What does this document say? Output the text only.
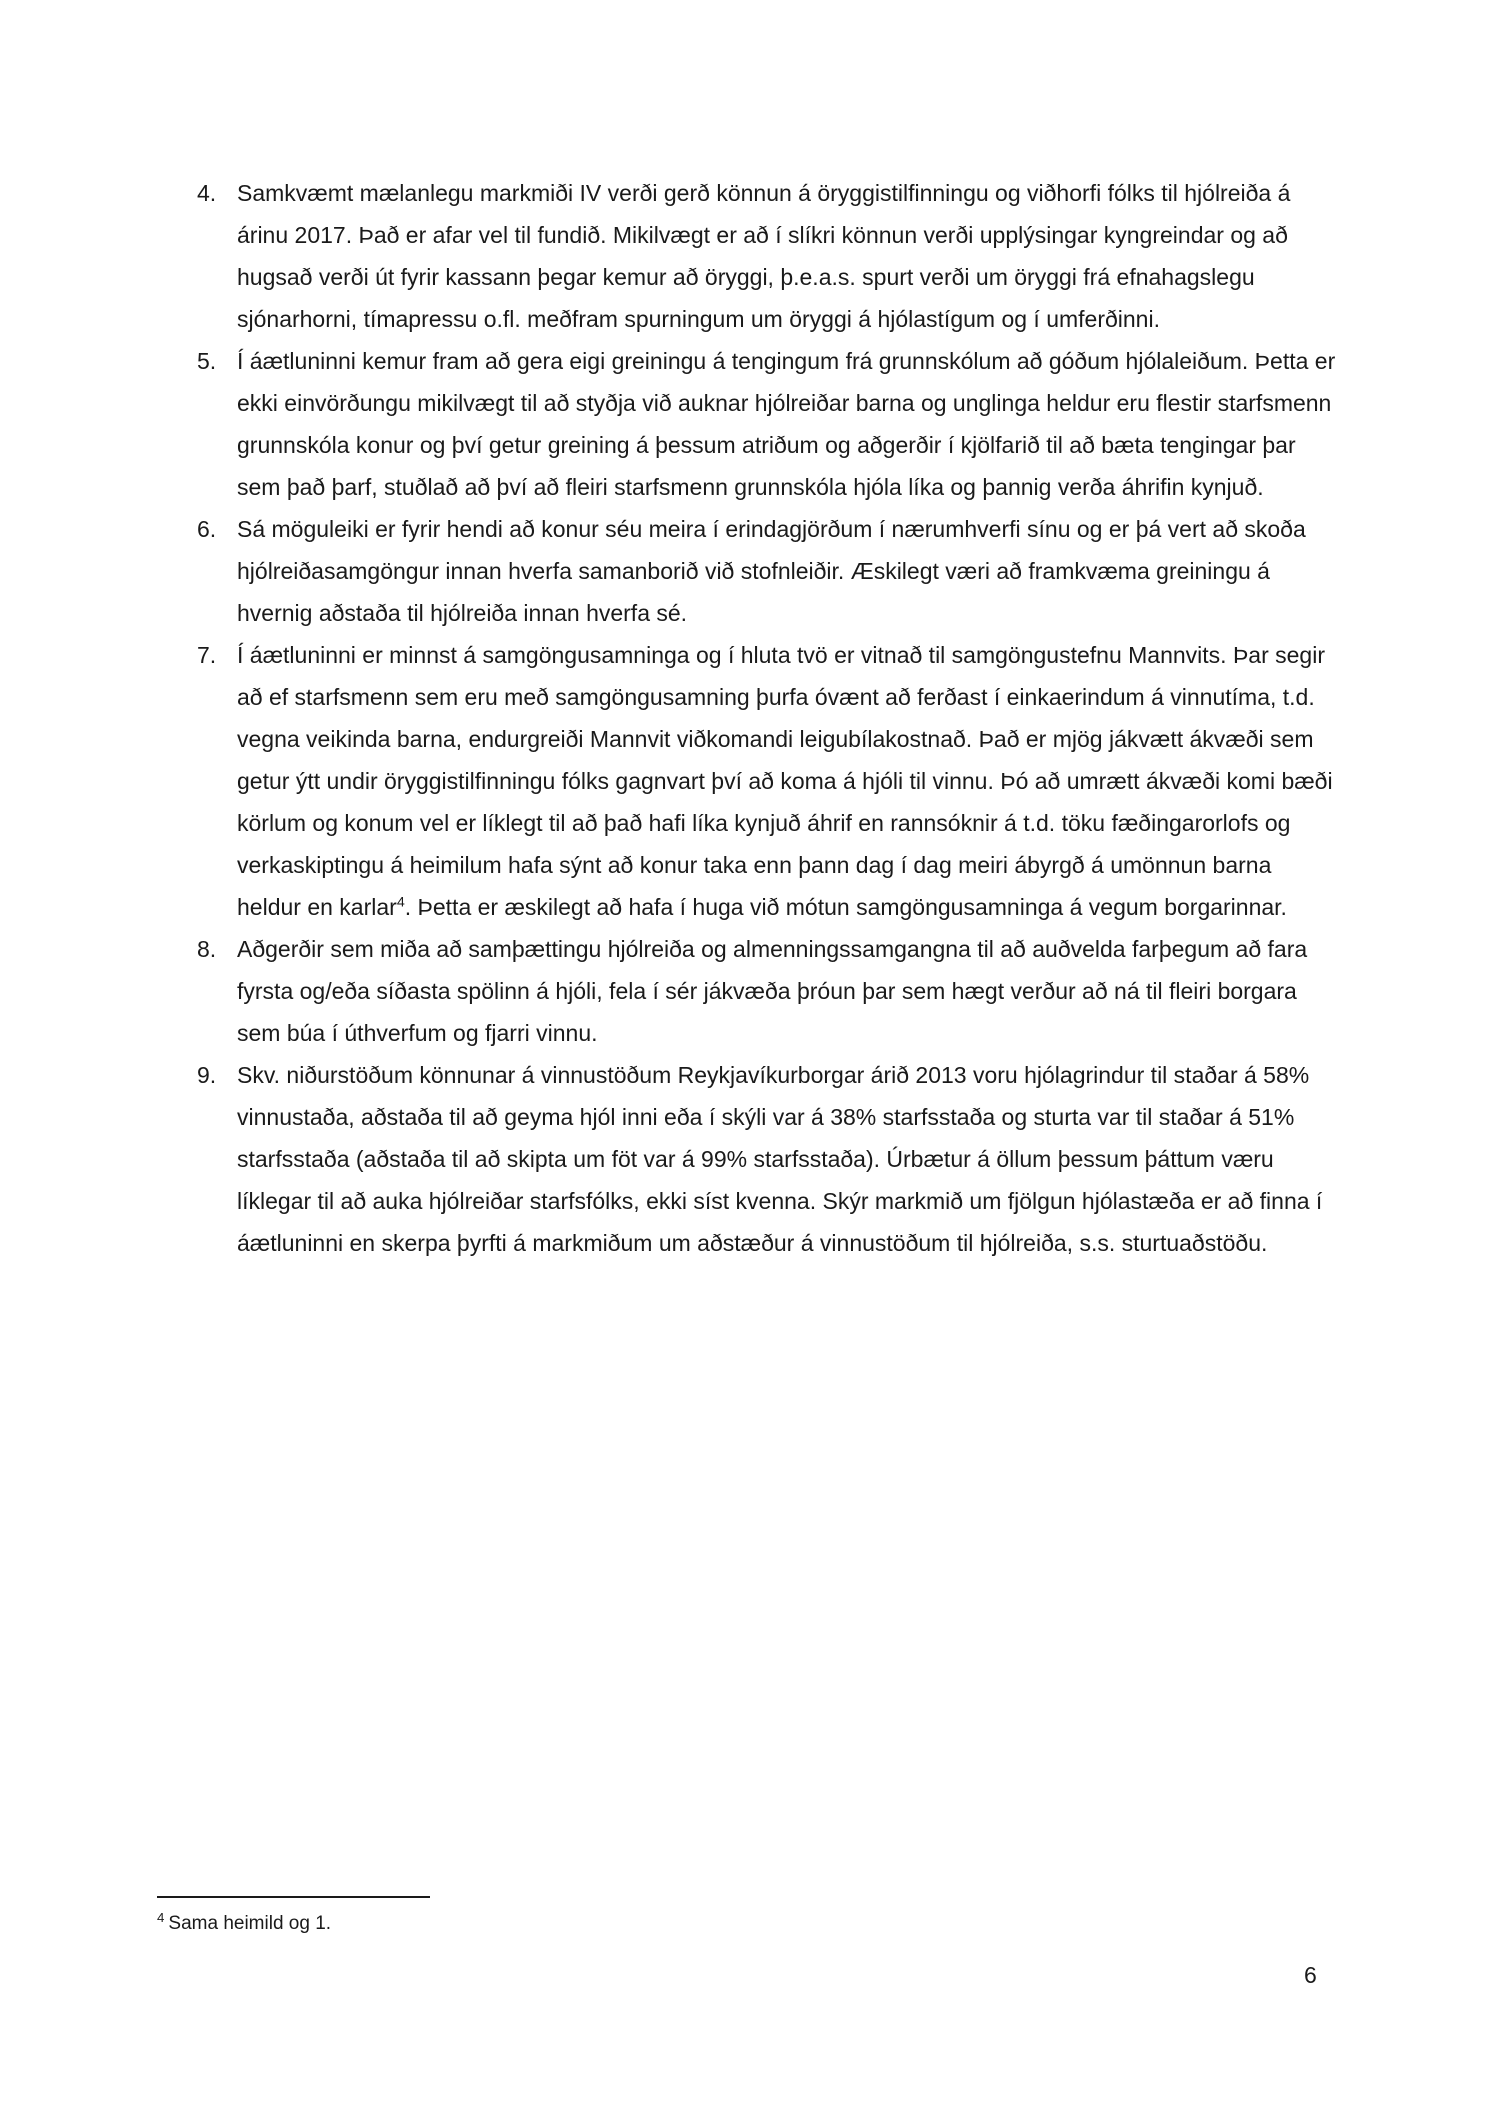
4. Samkvæmt mælanlegu markmiði IV verði gerð könnun á öryggistilfinningu og viðhorfi fólks til hjólreiða á árinu 2017. Það er afar vel til fundið. Mikilvægt er að í slíkri könnun verði upplýsingar kyngreindar og að hugsað verði út fyrir kassann þegar kemur að öryggi, þ.e.a.s. spurt verði um öryggi frá efnahagslegu sjónarhorni, tímapressu o.fl. meðfram spurningum um öryggi á hjólastígum og í umferðinni.

5. Í áætluninni kemur fram að gera eigi greiningu á tengingum frá grunnskólum að góðum hjólaleiðum. Þetta er ekki einvörðungu mikilvægt til að styðja við auknar hjólreiðar barna og unglinga heldur eru flestir starfsmenn grunnskóla konur og því getur greining á þessum atriðum og aðgerðir í kjölfarið til að bæta tengingar þar sem það þarf, stuðlað að því að fleiri starfsmenn grunnskóla hjóla líka og þannig verða áhrifin kynjuð.

6. Sá möguleiki er fyrir hendi að konur séu meira í erindagjörðum í nærumhverfi sínu og er þá vert að skoða hjólreiðasamgöngur innan hverfa samanborið við stofnleiðir. Æskilegt væri að framkvæma greiningu á hvernig aðstaða til hjólreiða innan hverfa sé.

7. Í áætluninni er minnst á samgöngusamninga og í hluta tvö er vitnað til samgöngustefnu Mannvits. Þar segir að ef starfsmenn sem eru með samgöngusamning þurfa óvænt að ferðast í einkaerindum á vinnutíma, t.d. vegna veikinda barna, endurgreiði Mannvit viðkomandi leigubílakostnað. Það er mjög jákvætt ákvæði sem getur ýtt undir öryggistilfinningu fólks gagnvart því að koma á hjóli til vinnu. Þó að umrætt ákvæði komi bæði körlum og konum vel er líklegt til að það hafi líka kynjuð áhrif en rannsóknir á t.d. töku fæðingarorlofs og verkaskiptingu á heimilum hafa sýnt að konur taka enn þann dag í dag meiri ábyrgð á umönnun barna heldur en karlar$^4$. Þetta er æskilegt að hafa í huga við mótun samgöngusamninga á vegum borgarinnar.

8. Aðgerðir sem miða að samþættingu hjólreiða og almenningssamgangna til að auðvelda farþegum að fara fyrsta og/eða síðasta spölinn á hjóli, fela í sér jákvæða þróun þar sem hægt verður að ná til fleiri borgara sem búa í úthverfum og fjarri vinnu.

9. Skv. niðurstöðum könnunar á vinnustöðum Reykjavíkurborgar árið 2013 voru hjólagrindur til staðar á 58% vinnustaða, aðstaða til að geyma hjól inni eða í skýli var á 38% starfsstaða og sturta var til staðar á 51% starfsstaða (aðstaða til að skipta um föt var á 99% starfsstaða). Úrbætur á öllum þessum þáttum væru líklegar til að auka hjólreiðar starfsfólks, ekki síst kvenna. Skýr markmið um fjölgun hjólastæða er að finna í áætluninni en skerpa þyrfti á markmiðum um aðstæður á vinnustöðum til hjólreiða, s.s. sturtuaðstöðu.

$^4$ Sama heimild og 1.

6
